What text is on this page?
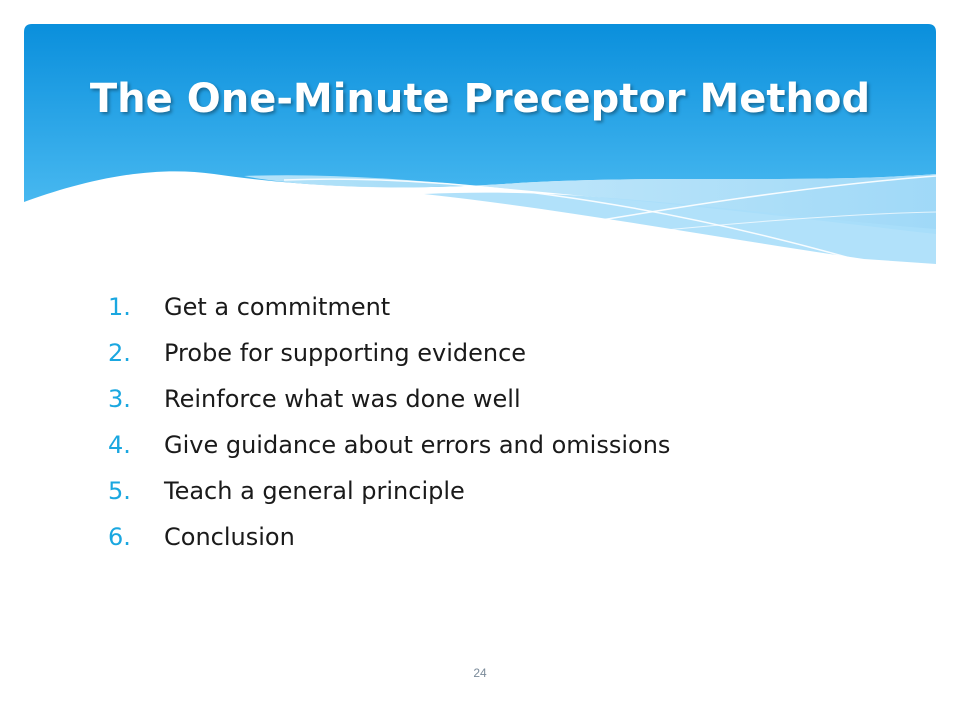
The One-Minute Preceptor Method
1. Get a commitment
2. Probe for supporting evidence
3. Reinforce what was done well
4. Give guidance about errors and omissions
5. Teach a general principle
6. Conclusion
24
